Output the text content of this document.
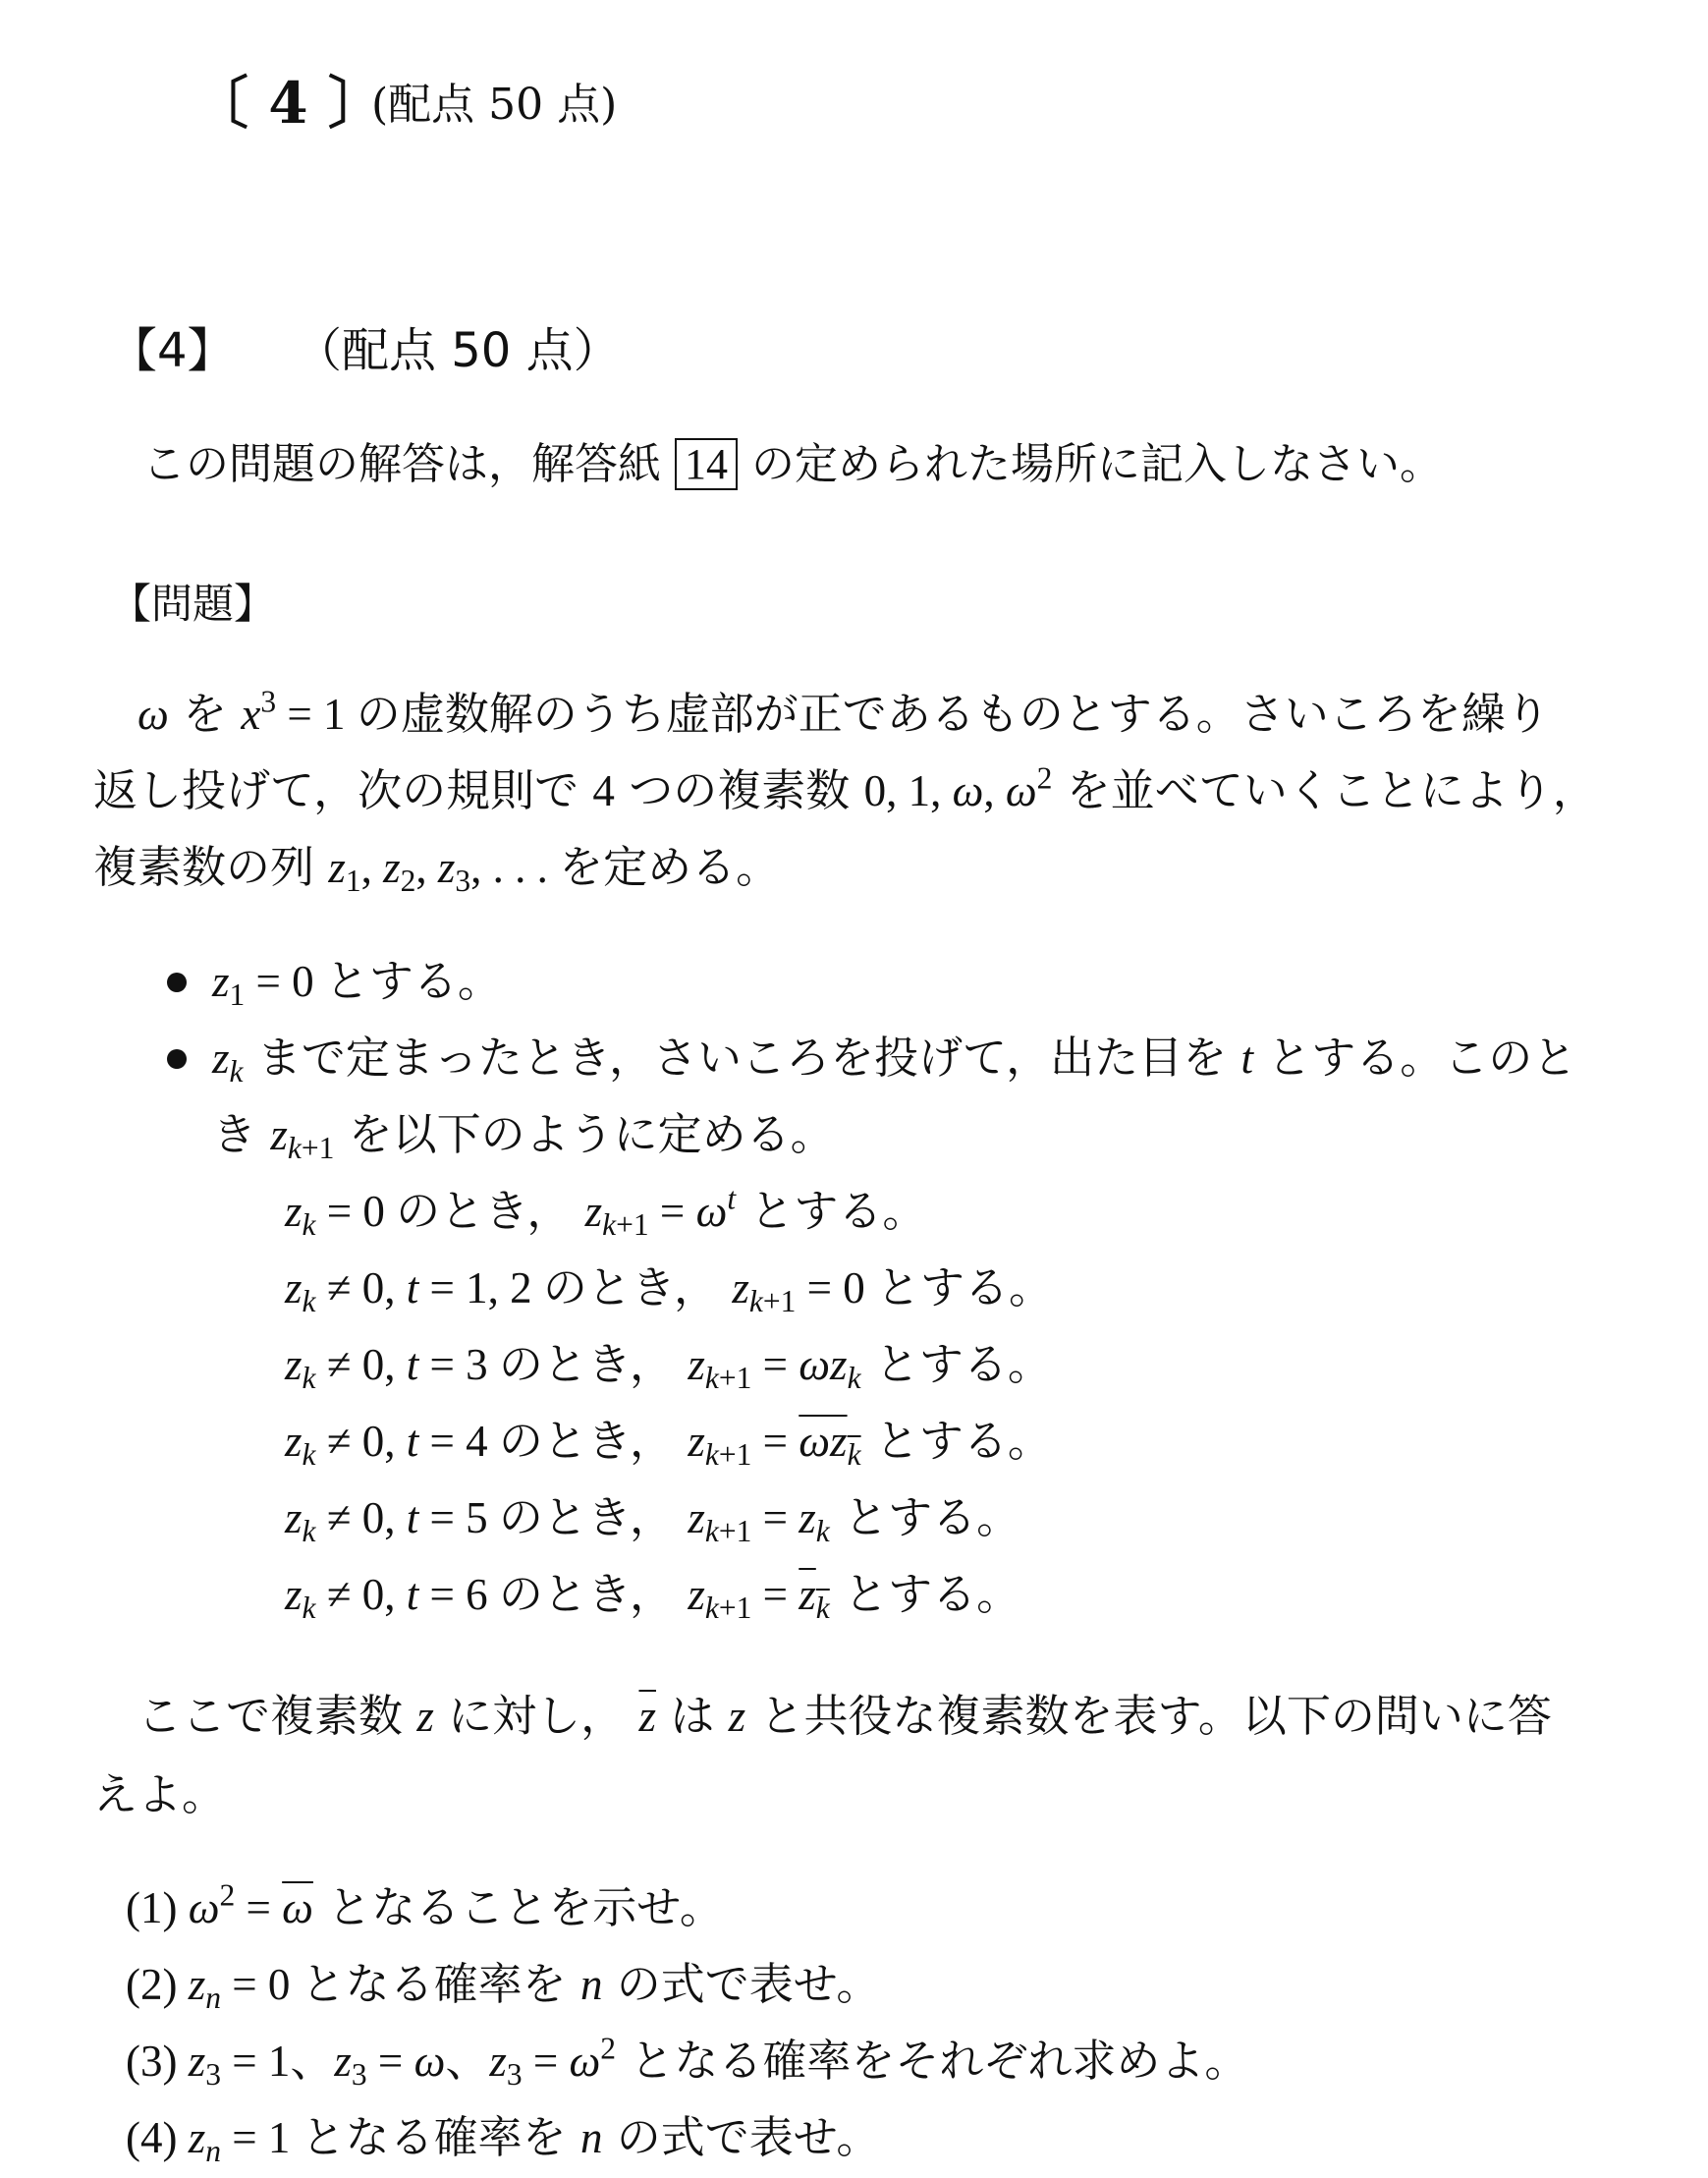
〔 4 〕
(配点 50 点)
【4】 （配点 50 点）
この問題の解答は，解答紙 14 の定められた場所に記入しなさい。
【問題】
ω を $x^3 = 1$ の虚数解のうち虚部が正であるものとする。さいころを繰り
返し投げて，次の規則で 4 つの複素数 0, 1, ω, $\omega^2$ を並べていくことにより，
複素数の列 $z_1$, $z_2$, $z_3$, . . . を定める。
$z_1 = 0$ とする。
$z_k$ まで定まったとき，さいころを投げて，出た目を t とする。このと
き $z_{k+1}$ を以下のように定める。
$z_k = 0$ のとき， $z_{k+1} = \omega^t$ とする。
$z_k \ne 0$, t = 1, 2 のとき， $z_{k+1} = 0$ とする。
$z_k \ne 0$, t = 3 のとき， $z_{k+1} = \omega z_k$ とする。
$z_k \ne 0$, t = 4 のとき， $z_{k+1} = \omega z_k$ とする。
$z_k \ne 0$, t = 5 のとき， $z_{k+1} = z_k$ とする。
$z_k \ne 0$, t = 6 のとき， $z_{k+1} = z_k$ とする。
ここで複素数 z に対し， $\overline{z}$ は z と共役な複素数を表す。以下の問いに答
えよ。
(1) $\omega^2 = \overline{\omega}$ となることを示せ。
(2) $z_n = 0$ となる確率を n の式で表せ。
(3) $z_3 = 1$、$z_3 = \omega$、$z_3 = \omega^2$ となる確率をそれぞれ求めよ。
(4) $z_n = 1$ となる確率を n の式で表せ。
